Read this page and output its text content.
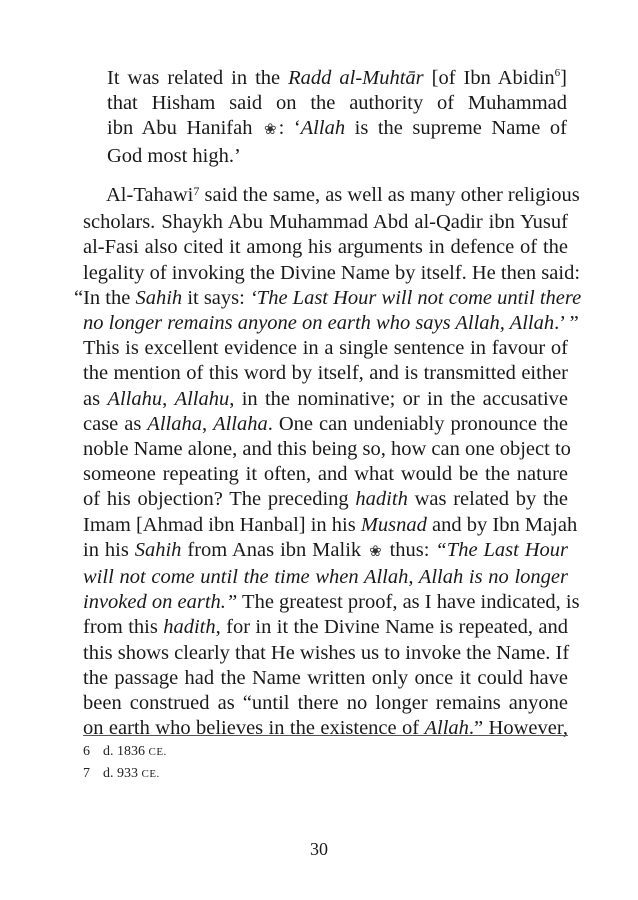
It was related in the Radd al-Muhtār [of Ibn Abidin$^6$]
that Hisham said on the authority of Muhammad
ibn Abu Hanifah ❀: ‘Allah is the supreme Name of
God most high.’
Al-Tahawi$^7$ said the same, as well as many other religious
scholars. Shaykh Abu Muhammad Abd al-Qadir ibn Yusuf
al-Fasi also cited it among his arguments in defence of the
legality of invoking the Divine Name by itself. He then said:
“In the Sahih it says: ‘The Last Hour will not come until there
no longer remains anyone on earth who says Allah, Allah.’ ”
This is excellent evidence in a single sentence in favour of
the mention of this word by itself, and is transmitted either
as Allahu, Allahu, in the nominative; or in the accusative
case as Allaha, Allaha. One can undeniably pronounce the
noble Name alone, and this being so, how can one object to
someone repeating it often, and what would be the nature
of his objection? The preceding hadith was related by the
Imam [Ahmad ibn Hanbal] in his Musnad and by Ibn Majah
in his Sahih from Anas ibn Malik ❀ thus: “The Last Hour
will not come until the time when Allah, Allah is no longer
invoked on earth.” The greatest proof, as I have indicated, is
from this hadith, for in it the Divine Name is repeated, and
this shows clearly that He wishes us to invoke the Name. If
the passage had the Name written only once it could have
been construed as “until there no longer remains anyone
on earth who believes in the existence of Allah.” However,
6 d. 1836 CE.
7 d. 933 CE.
30
